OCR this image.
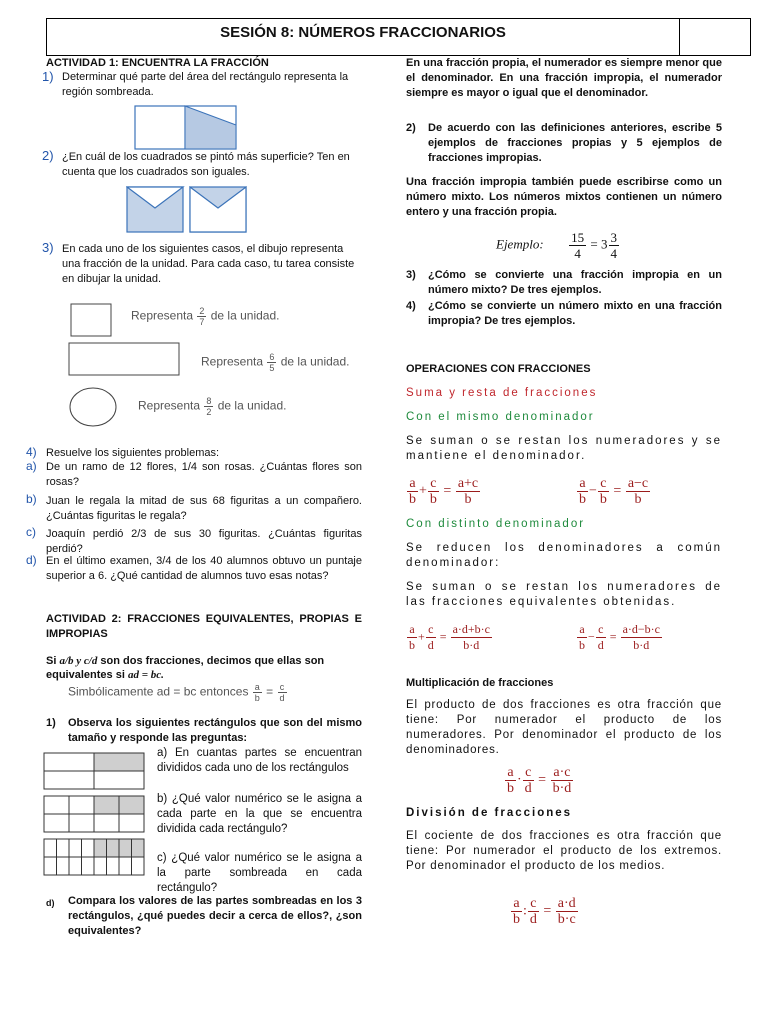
SESIÓN 8: NÚMEROS FRACCIONARIOS
ACTIVIDAD 1: ENCUENTRA LA FRACCIÓN
1) Determinar qué parte del área del rectángulo representa la región sombreada.
2) ¿En cuál de los cuadrados se pintó más superficie? Ten en cuenta que los cuadrados son iguales.
3) En cada uno de los siguientes casos, el dibujo representa una fracción de la unidad. Para cada caso, tu tarea consiste en dibujar la unidad.
Representa $\frac{2}{7}$ de la unidad.
Representa $\frac{6}{5}$ de la unidad.
Representa $\frac{8}{2}$ de la unidad.
4) Resuelve los siguientes problemas:
a) De un ramo de 12 flores, 1/4 son rosas. ¿Cuántas flores son rosas?
b) Juan le regala la mitad de sus 68 figuritas a un compañero. ¿Cuántas figuritas le regala?
c) Joaquín perdió 2/3 de sus 30 figuritas. ¿Cuántas figuritas perdió?
d) En el último examen, 3/4 de los 40 alumnos obtuvo un puntaje superior a 6. ¿Qué cantidad de alumnos tuvo esas notas?
ACTIVIDAD 2: FRACCIONES EQUIVALENTES, PROPIAS E IMPROPIAS
Si a/b y c/d son dos fracciones, decimos que ellas son
equivalentes si ad = bc.
Simbólicamente ad = bc entonces $\frac{a}{b} = \frac{c}{d}$
1) Observa los siguientes rectángulos que son del mismo tamaño y responde las preguntas:
a) En cuantas partes se encuentran divididos cada uno de los rectángulos
b) ¿Qué valor numérico se le asigna a cada parte en la que se encuentra dividida cada rectángulo?
c) ¿Qué valor numérico se le asigna a la parte sombreada en cada rectángulo?
d) Compara los valores de las partes sombreadas en los 3 rectángulos, ¿qué puedes decir a cerca de ellos?, ¿son equivalentes?
En una fracción propia, el numerador es siempre menor que el denominador. En una fracción impropia, el numerador siempre es mayor o igual que el denominador.
2) De acuerdo con las definiciones anteriores, escribe 5 ejemplos de fracciones propias y 5 ejemplos de fracciones impropias.
Una fracción impropia también puede escribirse como un número mixto. Los números mixtos contienen un número entero y una fracción propia.
Ejemplo: $\frac{15}{4} = 3 \frac{3}{4}$
3) ¿Cómo se convierte una fracción impropia en un número mixto? De tres ejemplos.
4) ¿Cómo se convierte un número mixto en una fracción impropia? De tres ejemplos.
OPERACIONES CON FRACCIONES
Suma y resta de fracciones
Con el mismo denominador
Se suman o se restan los numeradores y se mantiene el denominador.
$\frac{a}{b} + \frac{c}{b} = \frac{a+c}{b}$	$\frac{a}{b} - \frac{c}{b} = \frac{a-c}{b}$
Con distinto denominador
Se reducen los denominadores a común denominador:
Se suman o se restan los numeradores de las fracciones equivalentes obtenidas.
$\frac{a}{b} + \frac{c}{d} = \frac{a\cdot d+b\cdot c}{b\cdot d}$	$\frac{a}{b} - \frac{c}{d} = \frac{a\cdot d-b\cdot c}{b\cdot d}$
Multiplicación de fracciones
El producto de dos fracciones es otra fracción que tiene: Por numerador el producto de los numeradores. Por denominador el producto de los denominadores.
$\frac{a}{b} \cdot \frac{c}{d} = \frac{a\cdot c}{b\cdot d}$
División de fracciones
El cociente de dos fracciones es otra fracción que tiene: Por numerador el producto de los extremos. Por denominador el producto de los medios.
$\frac{a}{b}$ : $\frac{c}{d} = \frac{a\cdot d}{b\cdot c}$
